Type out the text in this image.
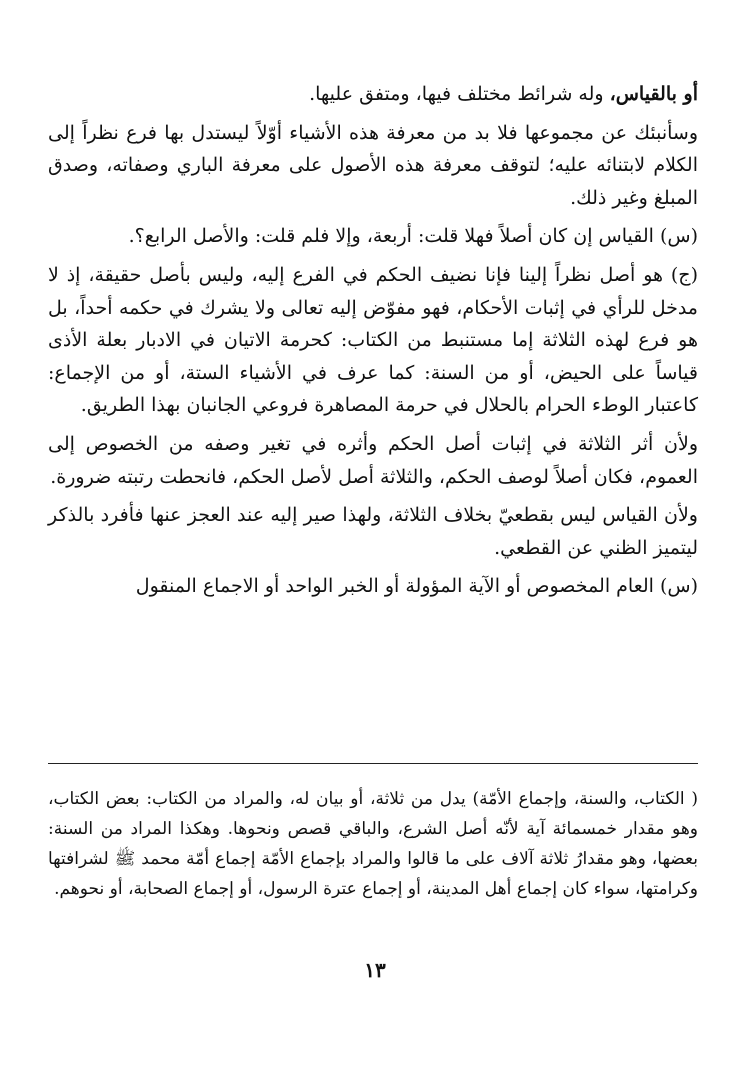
أو بالقياس، وله شرائط مختلف فيها، ومتفق عليها.

وسأنبئك عن مجموعها فلا بد من معرفة هذه الأشياء أوّلاً ليستدل بها فرع نظراً إلى الكلام لابتنائه عليه؛ لتوقف معرفة هذه الأصول على معرفة الباري وصفاته، وصدق المبلغ وغير ذلك.

(س) القياس إن كان أصلاً فهلا قلت: أربعة، وإلا فلم قلت: والأصل الرابع؟.

(ج) هو أصل نظراً إلينا فإنا نضيف الحكم في الفرع إليه، وليس بأصل حقيقة، إذ لا مدخل للرأي في إثبات الأحكام، فهو مفوّض إليه تعالى ولا يشرك في حكمه أحداً، بل هو فرع لهذه الثلاثة إما مستنبط من الكتاب: كحرمة الاتيان في الادبار بعلة الأذى قياساً على الحيض، أو من السنة: كما عرف في الأشياء الستة، أو من الإجماع: كاعتبار الوطء الحرام بالحلال في حرمة المصاهرة فروعي الجانبان بهذا الطريق.

ولأن أثر الثلاثة في إثبات أصل الحكم وأثره في تغير وصفه من الخصوص إلى العموم، فكان أصلاً لوصف الحكم، والثلاثة أصل لأصل الحكم، فانحطت رتبته ضرورة.

ولأن القياس ليس بقطعيّ بخلاف الثلاثة، ولهذا صير إليه عند العجز عنها فأفرد بالذكر ليتميز الظني عن القطعي.

(س) العام المخصوص أو الآية المؤولة أو الخبر الواحد أو الاجماع المنقول

( الكتاب، والسنة، وإجماع الأمّة) يدل من ثلاثة، أو بيان له، والمراد من الكتاب: بعض الكتاب، وهو مقدار خمسمائة آية لأنّه أصل الشرع، والباقي قصص ونحوها. وهكذا المراد من السنة: بعضها، وهو مقدارُ ثلاثة آلاف على ما قالوا والمراد بإجماع الأمّة إجماع أمّة محمد ﷺ لشرافتها وكرامتها، سواء كان إجماع أهل المدينة، أو إجماع عترة الرسول، أو إجماع الصحابة، أو نحوهم.

١٣
